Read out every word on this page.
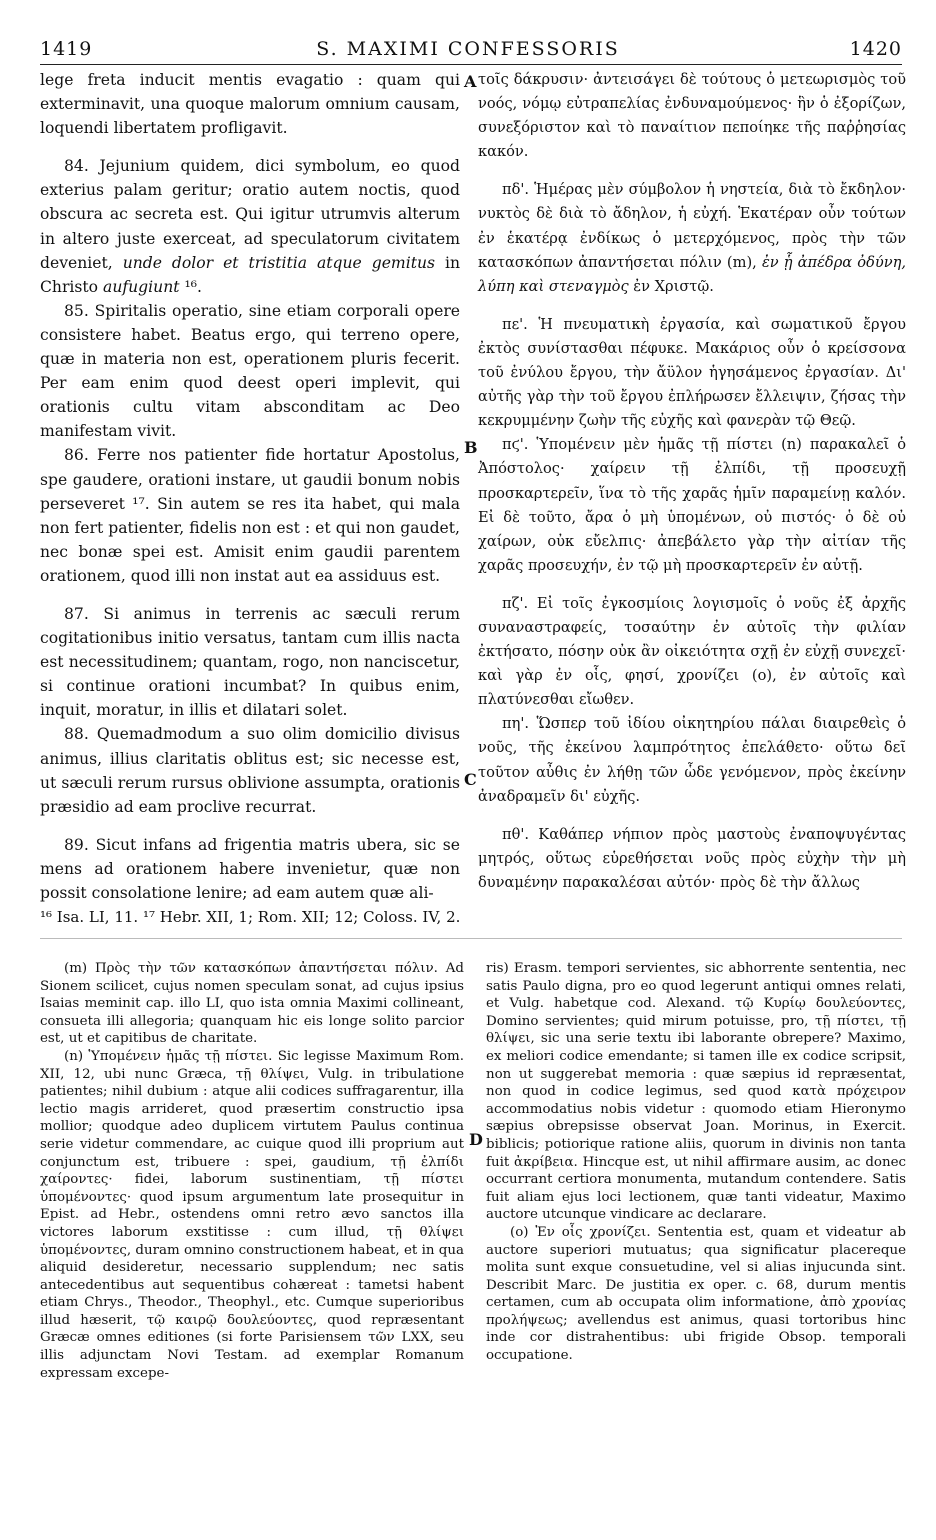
1419	S. MAXIMI CONFESSORIS	1420

lege freta inducit mentis evagatio : quam qui exterminavit, una quoque malorum omnium causam, loquendi libertatem profligavit.

84. Jejunium quidem, dici symbolum, eo quod exterius palam geritur; oratio autem noctis, quod obscura ac secreta est. Qui igitur utrumvis alterum in altero juste exerceat, ad speculatorum civitatem deveniet, unde dolor et tristitia atque gemitus in Christo aufugiunt ¹⁶.

85. Spiritalis operatio, sine etiam corporali opere consistere habet. Beatus ergo, qui terreno opere, quæ in materia non est, operationem pluris fecerit. Per eam enim quod deest operi implevit, qui orationis cultu vitam absconditam ac Deo manifestam vivit.

86. Ferre nos patienter fide hortatur Apostolus, spe gaudere, orationi instare, ut gaudii bonum nobis perseveret ¹⁷. Sin autem se res ita habet, qui mala non fert patienter, fidelis non est : et qui non gaudet, nec bonæ spei est. Amisit enim gaudii parentem orationem, quod illi non instat aut ea assiduus est.

87. Si animus in terrenis ac sæculi rerum cogitationibus initio versatus, tantam cum illis nacta est necessitudinem; quantam, rogo, non nanciscetur, si continue orationi incumbat? In quibus enim, inquit, moratur, in illis et dilatari solet.

88. Quemadmodum a suo olim domicilio divisus animus, illius claritatis oblitus est; sic necesse est, ut sæculi rerum rursus oblivione assumpta, orationis præsidio ad eam proclive recurrat.

89. Sicut infans ad frigentia matris ubera, sic se mens ad orationem habere invenietur, quæ non possit consolatione lenire; ad eam autem quæ ali-

A
B
C
D

τοῖς δάκρυσιν· ἀντεισάγει δὲ τούτους ὁ μετεωρισμὸς τοῦ νοός, νόμῳ εὐτραπελίας ἐνδυναμούμενος· ἣν ὁ ἐξορίζων, συνεξόριστον καὶ τὸ παναίτιον πεποίηκε τῆς παῤῥησίας κακόν.

πδ'. Ἡμέρας μὲν σύμβολον ἡ νηστεία, διὰ τὸ ἔκδηλον· νυκτὸς δὲ διὰ τὸ ἄδηλον, ἡ εὐχή. Ἑκατέραν οὖν τούτων ἐν ἑκατέρᾳ ἐνδίκως ὁ μετερχόμενος, πρὸς τὴν τῶν κατασκόπων ἀπαντήσεται πόλιν (m), ἐν ᾗ ἀπέδρα ὀδύνη, λύπη καὶ στεναγμὸς ἐν Χριστῷ.

πε'. Ἡ πνευματικὴ ἐργασία, καὶ σωματικοῦ ἔργου ἐκτὸς συνίστασθαι πέφυκε. Μακάριος οὖν ὁ κρείσσονα τοῦ ἐνύλου ἔργου, τὴν ἄϋλον ἡγησάμενος ἐργασίαν. Δι' αὐτῆς γὰρ τὴν τοῦ ἔργου ἐπλήρωσεν ἔλλειψιν, ζήσας τὴν κεκρυμμένην ζωὴν τῆς εὐχῆς καὶ φανερὰν τῷ Θεῷ.

πϛ'. Ὑπομένειν μὲν ἡμᾶς τῇ πίστει (n) παρακαλεῖ ὁ Ἀπόστολος· χαίρειν τῇ ἐλπίδι, τῇ προσευχῇ προσκαρτερεῖν, ἵνα τὸ τῆς χαρᾶς ἡμῖν παραμείνῃ καλόν. Εἰ δὲ τοῦτο, ἄρα ὁ μὴ ὑπομένων, οὐ πιστός· ὁ δὲ οὐ χαίρων, οὐκ εὔελπις· ἀπεβάλετο γὰρ τὴν αἰτίαν τῆς χαρᾶς προσευχήν, ἐν τῷ μὴ προσκαρτερεῖν ἐν αὐτῇ.

πζ'. Εἰ τοῖς ἐγκοσμίοις λογισμοῖς ὁ νοῦς ἐξ ἀρχῆς συναναστραφείς, τοσαύτην ἐν αὐτοῖς τὴν φιλίαν ἐκτήσατο, πόσην οὐκ ἂν οἰκειότητα σχῇ ἐν εὐχῇ συνεχεῖ· καὶ γὰρ ἐν οἷς, φησί, χρονίζει (o), ἐν αὐτοῖς καὶ πλατύνεσθαι εἴωθεν.

πη'. Ὥσπερ τοῦ ἰδίου οἰκητηρίου πάλαι διαιρεθεὶς ὁ νοῦς, τῆς ἐκείνου λαμπρότητος ἐπελάθετο· οὕτω δεῖ τοῦτον αὖθις ἐν λήθῃ τῶν ὧδε γενόμενον, πρὸς ἐκείνην ἀναδραμεῖν δι' εὐχῆς.

πθ'. Καθάπερ νήπιον πρὸς μαστοὺς ἐναποψυγέντας μητρός, οὕτως εὑρεθήσεται νοῦς πρὸς εὐχὴν τὴν μὴ δυναμένην παρακαλέσαι αὐτόν· πρὸς δὲ τὴν ἄλλως

¹⁶ Isa. LI, 11. ¹⁷ Hebr. XII, 1; Rom. XII; 12; Coloss. IV, 2.

(m) Πρὸς τὴν τῶν κατασκόπων ἀπαντήσεται πόλιν. Ad Sionem scilicet, cujus nomen speculam sonat, ad cujus ipsius Isaias meminit cap. illo LI, quo ista omnia Maximi collineant, consueta illi allegoria; quanquam hic eis longe solito parcior est, ut et capitibus de charitate.

(n) Ὑπομένειν ἡμᾶς τῇ πίστει. Sic legisse Maximum Rom. XII, 12, ubi nunc Græca, τῇ θλίψει, Vulg. in tribulatione patientes; nihil dubium : atque alii codices suffragarentur, illa lectio magis arrideret, quod præsertim constructio ipsa mollior; quodque adeo duplicem virtutem Paulus continua serie videtur commendare, ac cuique quod illi proprium aut conjunctum est, tribuere : spei, gaudium, τῇ ἐλπίδι χαίροντες· fidei, laborum sustinentiam, τῇ πίστει ὑπομένοντες· quod ipsum argumentum late prosequitur in Epist. ad Hebr., ostendens omni retro ævo sanctos illa victores laborum exstitisse : cum illud, τῇ θλίψει ὑπομένοντες, duram omnino constructionem habeat, et in qua aliquid desideretur, necessario supplendum; nec satis antecedentibus aut sequentibus cohæreat : tametsi habent etiam Chrys., Theodor., Theophyl., etc. Cumque superioribus illud hæserit, τῷ καιρῷ δουλεύοντες, quod repræsentant Græcæ omnes editiones (si forte Parisiensem τῶν LXX, seu illis adjunctam Novi Testam. ad exemplar Romanum expressam excepe-

ris) Erasm. tempori servientes, sic abhorrente sententia, nec satis Paulo digna, pro eo quod legerunt antiqui omnes relati, et Vulg. habetque cod. Alexand. τῷ Κυρίῳ δουλεύοντες, Domino servientes; quid mirum potuisse, pro, τῇ πίστει, τῇ θλίψει, sic una serie textu ibi laborante obrepere? Maximo, ex meliori codice emendante; si tamen ille ex codice scripsit, non ut suggerebat memoria : quæ sæpius id repræsentat, non quod in codice legimus, sed quod κατὰ πρόχειρον accommodatius nobis videtur : quomodo etiam Hieronymo sæpius obrepsisse observat Joan. Morinus, in Exercit. biblicis; potiorique ratione aliis, quorum in divinis non tanta fuit ἀκρίβεια. Hincque est, ut nihil affirmare ausim, ac donec occurrant certiora monumenta, mutandum contendere. Satis fuit aliam ejus loci lectionem, quæ tanti videatur, Maximo auctore utcunque vindicare ac declarare.

(o) Ἐν οἷς χρονίζει. Sententia est, quam et videatur ab auctore superiori mutuatus; qua significatur placereque molita sunt exque consuetudine, vel si alias injucunda sint. Describit Marc. De justitia ex oper. c. 68, durum mentis certamen, cum ab occupata olim informatione, ἀπὸ χρονίας προλήψεως; avellendus est animus, quasi tortoribus hinc inde cor distrahentibus: ubi frigide Obsop. temporali occupatione.
